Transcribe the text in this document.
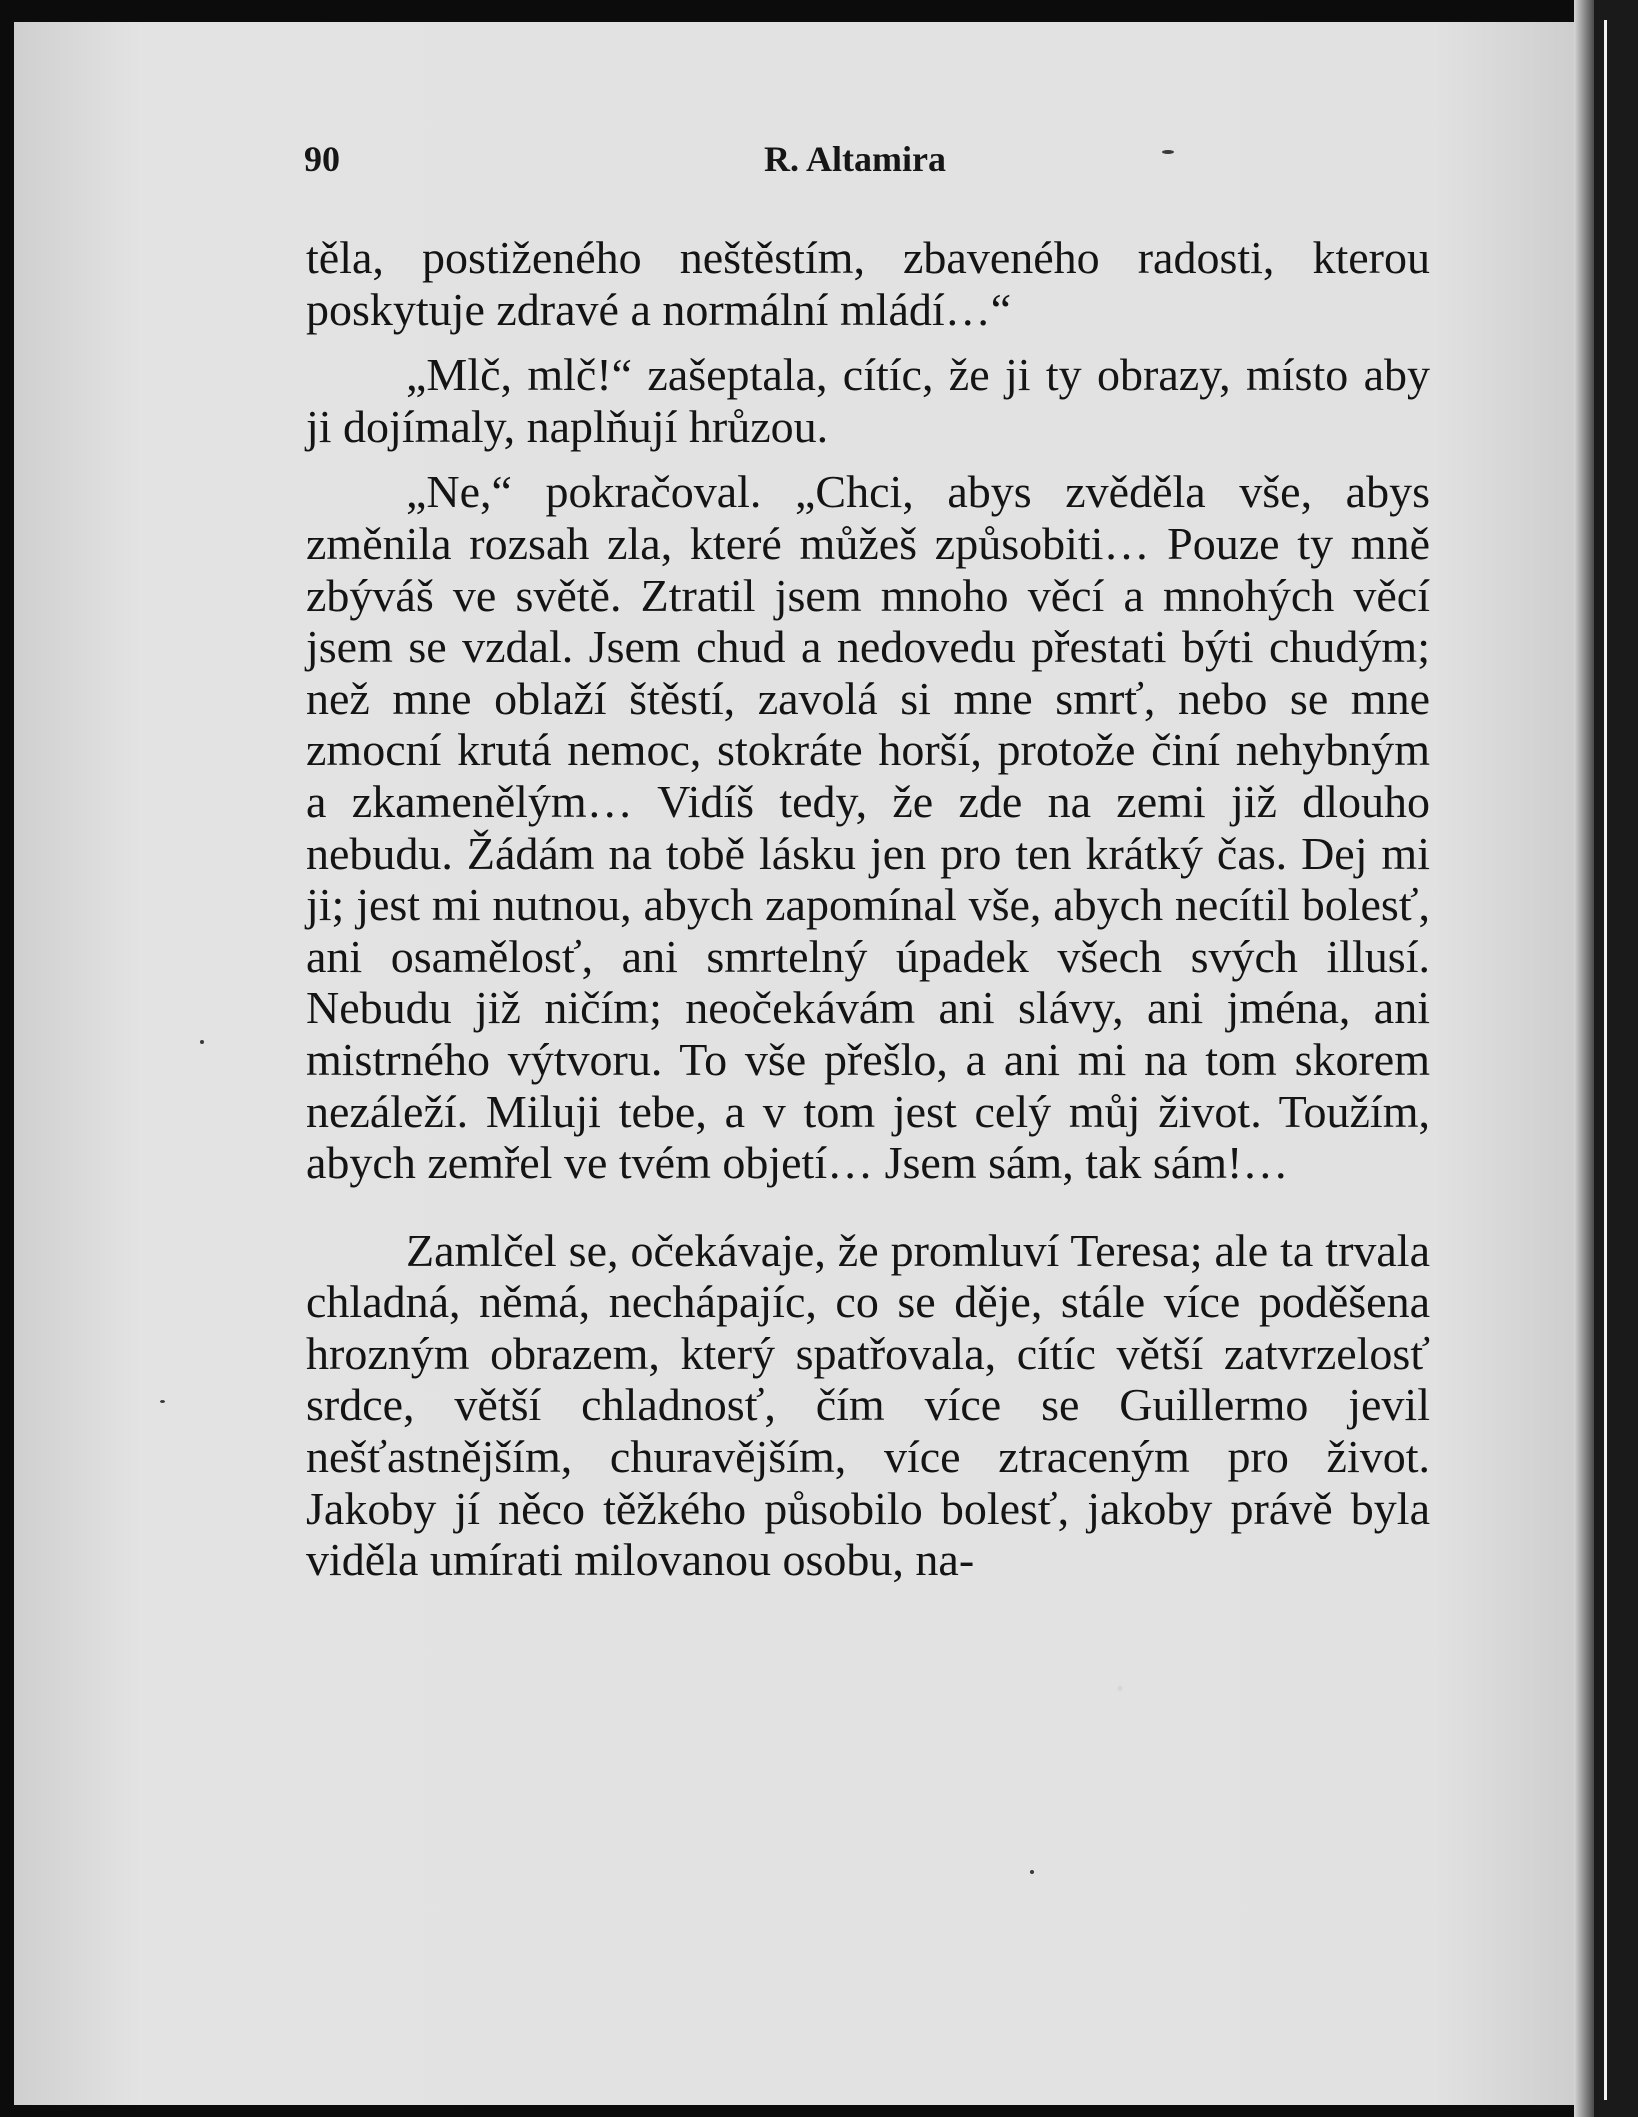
90	R. Altamira

těla, postiženého neštěstím, zbaveného radosti, kterou poskytuje zdravé a normální mládí…“

„Mlč, mlč!“ zašeptala, cítíc, že ji ty obrazy, místo aby ji dojímaly, naplňují hrůzou.

„Ne,“ pokračoval. „Chci, abys zvěděla vše, abys změnila rozsah zla, které můžeš způsobiti… Pouze ty mně zbýváš ve světě. Ztratil jsem mnoho věcí a mnohých věcí jsem se vzdal. Jsem chud a nedovedu přestati býti chudým; než mne oblaží štěstí, zavolá si mne smrť, nebo se mne zmocní krutá nemoc, stokráte horší, protože činí nehybným a zkamenělým… Vidíš tedy, že zde na zemi již dlouho nebudu. Žádám na tobě lásku jen pro ten krátký čas. Dej mi ji; jest mi nutnou, abych zapomínal vše, abych necítil bolesť, ani osamělosť, ani smrtelný úpadek všech svých illusí. Nebudu již ničím; neočekávám ani slávy, ani jména, ani mistrného výtvoru. To vše přešlo, a ani mi na tom skorem nezáleží. Miluji tebe, a v tom jest celý můj život. Toužím, abych zemřel ve tvém objetí… Jsem sám, tak sám!…

Zamlčel se, očekávaje, že promluví Teresa; ale ta trvala chladná, němá, nechápajíc, co se děje, stále více poděšena hrozným obrazem, který spatřovala, cítíc větší zatvrzelosť srdce, větší chladnosť, čím více se Guillermo jevil nešťastnějším, churavějším, více ztraceným pro život. Jakoby jí něco těžkého působilo bolesť, jakoby právě byla viděla umírati milovanou osobu, na-
